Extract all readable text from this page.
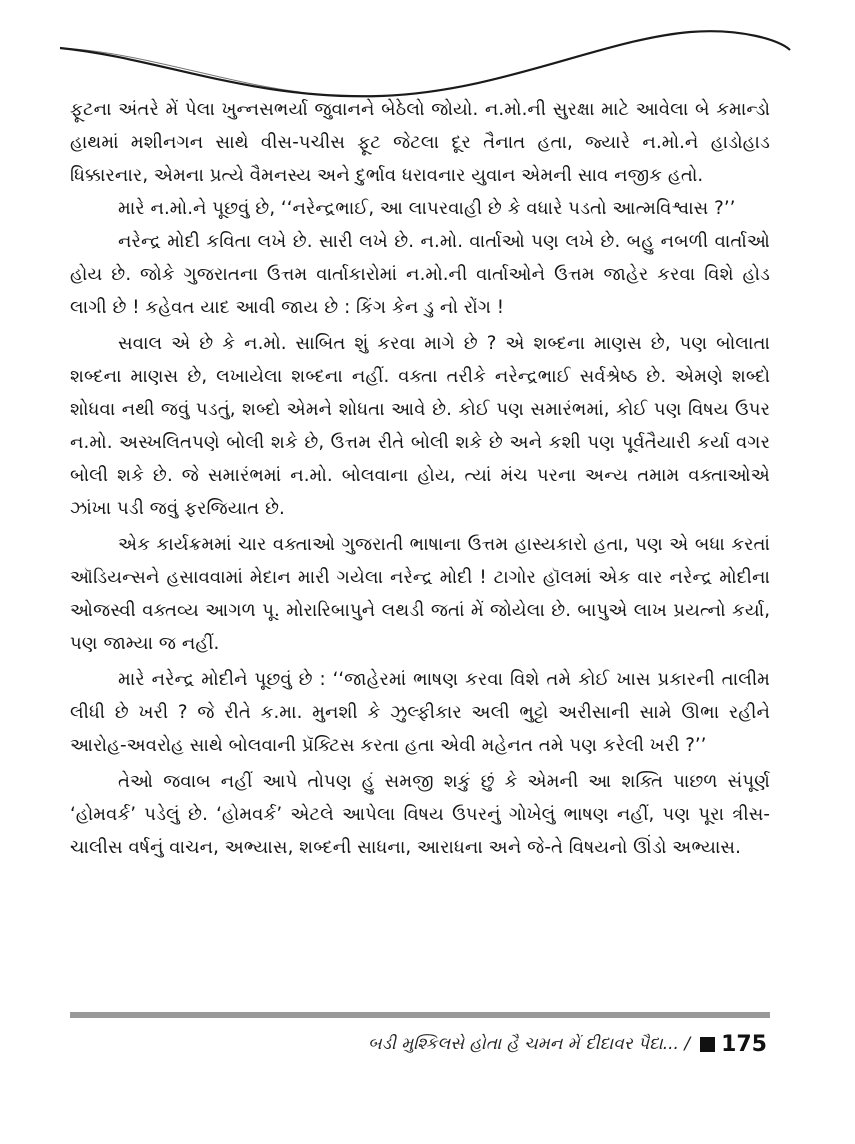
ફૂટના અંતરે મેં પેલા ખુન્નસભર્યા જુવાનને બેઠેલો જોયો. ન.મો.ની સુરક્ષા માટે આવેલા બે કમાન્ડો હાથમાં મશીનગન સાથે વીસ-પચીસ ફૂટ જેટલા દૂર તૈનાત હતા, જ્યારે ન.મો.ને હાડોહાડ ધિક્કારનાર, એમના પ્રત્યે વૈમનસ્ય અને દુર્ભાવ ધરાવનાર યુવાન એમની સાવ નજીક હતો.

મારે ન.મો.ને પૂછવું છે, ‘‘નરેન્દ્રભાઈ, આ લાપરવાહી છે કે વધારે પડતો આત્મવિશ્વાસ ?’’

નરેન્દ્ર મોદી કવિતા લખે છે. સારી લખે છે. ન.મો. વાર્તાઓ પણ લખે છે. બહુ નબળી વાર્તાઓ હોય છે. જોકે ગુજરાતના ઉત્તમ વાર્તાકારોમાં ન.મો.ની વાર્તાઓને ઉત્તમ જાહેર કરવા વિશે હોડ લાગી છે ! કહેવત યાદ આવી જાય છે : કિંગ કેન ડુ નો રોંગ !

સવાલ એ છે કે ન.મો. સાબિત શું કરવા માગે છે ? એ શબ્દના માણસ છે, પણ બોલાતા શબ્દના માણસ છે, લખાયેલા શબ્દના નહીં. વક્તા તરીકે નરેન્દ્રભાઈ સર્વશ્રેષ્ઠ છે. એમણે શબ્દો શોધવા નથી જવું પડતું, શબ્દો એમને શોધતા આવે છે. કોઈ પણ સમારંભમાં, કોઈ પણ વિષય ઉપર ન.મો. અસ્ખલિતપણે બોલી શકે છે, ઉત્તમ રીતે બોલી શકે છે અને કશી પણ પૂર્વતૈયારી કર્યા વગર બોલી શકે છે. જે સમારંભમાં ન.મો. બોલવાના હોય, ત્યાં મંચ પરના અન્ય તમામ વક્તાઓએ ઝાંખા પડી જવું ફરજિયાત છે.

એક કાર્યક્રમમાં ચાર વક્તાઓ ગુજરાતી ભાષાના ઉત્તમ હાસ્યકારો હતા, પણ એ બધા કરતાં ઑડિયન્સને હસાવવામાં મેદાન મારી ગયેલા નરેન્દ્ર મોદી ! ટાગોર હૉલમાં એક વાર નરેન્દ્ર મોદીના ઓજસ્વી વક્તવ્ય આગળ પૂ. મોરારિબાપુને લથડી જતાં મેં જોયેલા છે. બાપુએ લાખ પ્રયત્નો કર્યા, પણ જામ્યા જ નહીં.

મારે નરેન્દ્ર મોદીને પૂછવું છે : ‘‘જાહેરમાં ભાષણ કરવા વિશે તમે કોઈ ખાસ પ્રકારની તાલીમ લીધી છે ખરી ? જે રીતે ક.મા. મુનશી કે ઝુલ્ફીકાર અલી ભુટ્ટો અરીસાની સામે ઊભા રહીને આરોહ-અવરોહ સાથે બોલવાની પ્રૅક્ટિસ કરતા હતા એવી મહેનત તમે પણ કરેલી ખરી ?’’

તેઓ જવાબ નહીં આપે તોપણ હું સમજી શકું છું કે એમની આ શક્તિ પાછળ સંપૂર્ણ ‘હોમવર્ક’ પડેલું છે. ‘હોમવર્ક’ એટલે આપેલા વિષય ઉપરનું ગોખેલું ભાષણ નહીં, પણ પૂરા ત્રીસ-ચાલીસ વર્ષનું વાચન, અભ્યાસ, શબ્દની સાધના, આરાધના અને જે-તે વિષયનો ઊંડો અભ્યાસ.

બડી મુશ્કિલસે હોતા હૈ ચમન મેં દીદાવર પૈદા... / 175
